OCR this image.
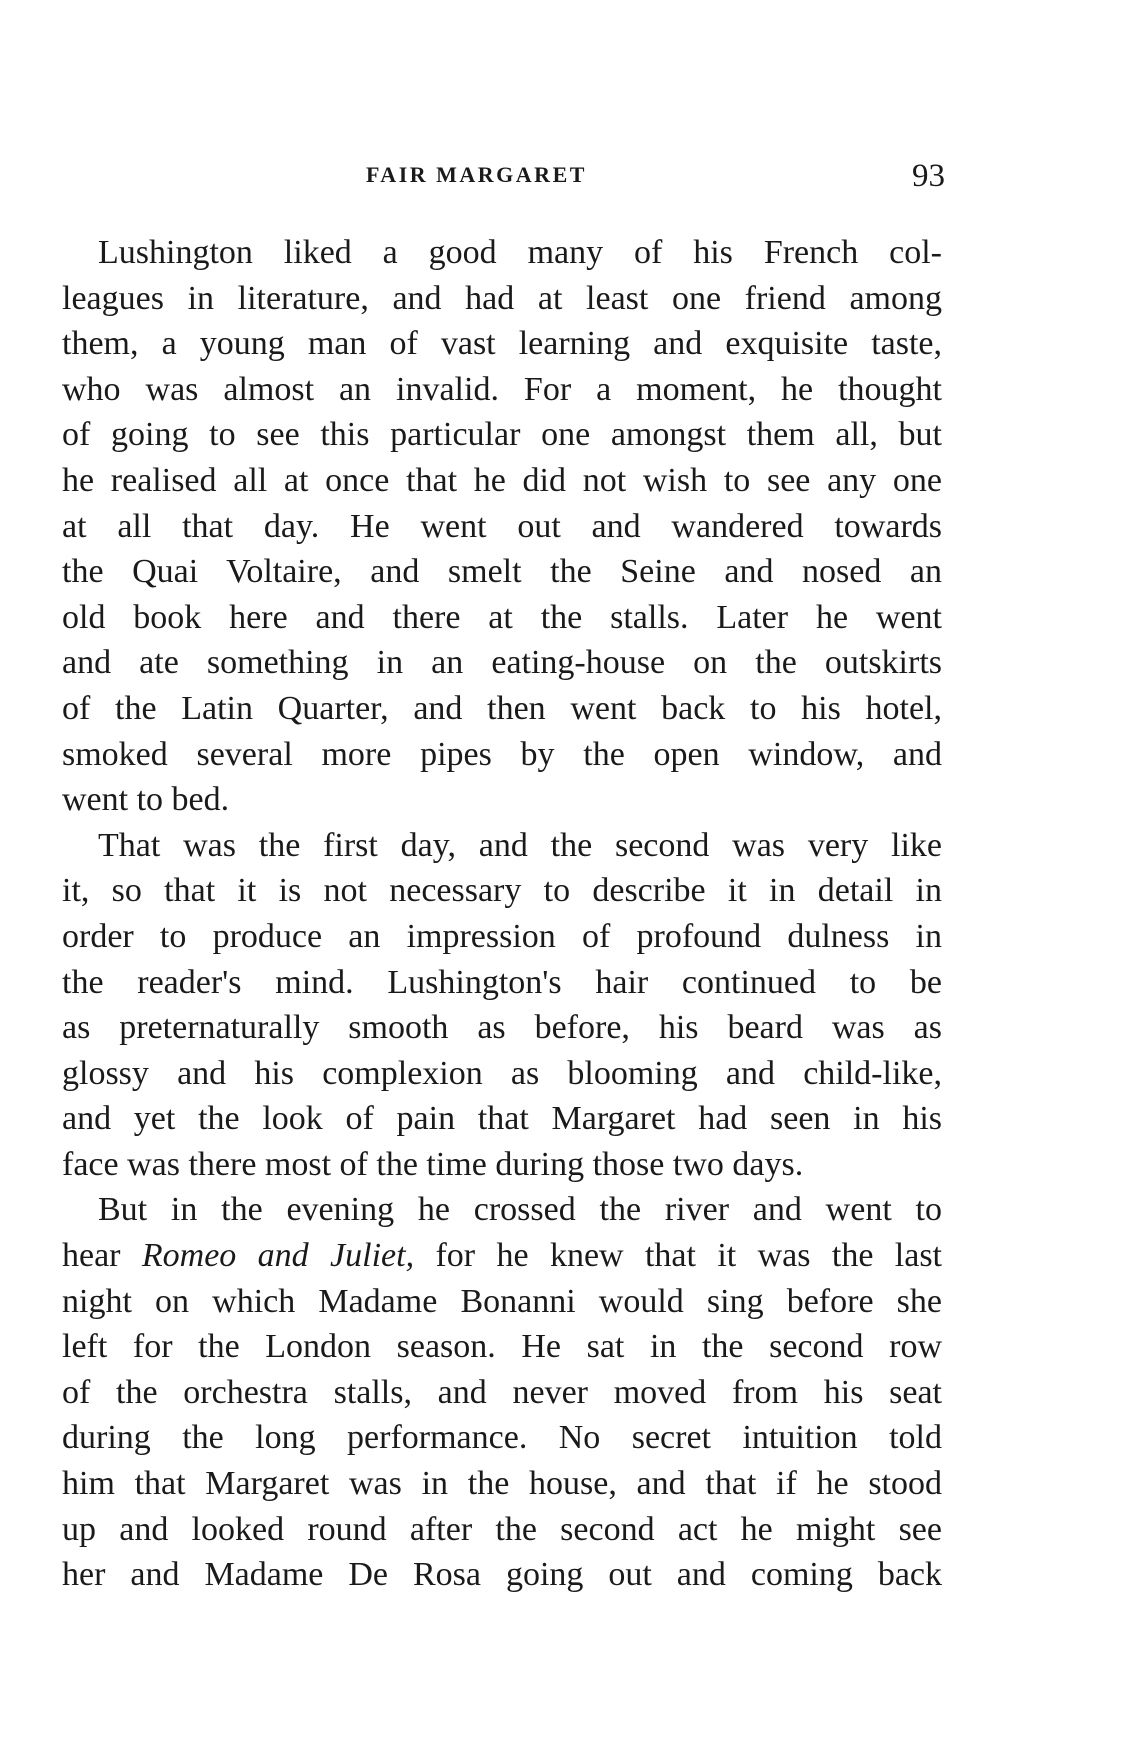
FAIR MARGARET	93
Lushington liked a good many of his French col-
leagues in literature, and had at least one friend among
them, a young man of vast learning and exquisite taste,
who was almost an invalid. For a moment, he thought
of going to see this particular one amongst them all, but
he realised all at once that he did not wish to see any one
at all that day. He went out and wandered towards
the Quai Voltaire, and smelt the Seine and nosed an
old book here and there at the stalls. Later he went
and ate something in an eating-house on the outskirts
of the Latin Quarter, and then went back to his hotel,
smoked several more pipes by the open window, and
went to bed.
That was the first day, and the second was very like
it, so that it is not necessary to describe it in detail in
order to produce an impression of profound dulness in
the reader's mind. Lushington's hair continued to be
as preternaturally smooth as before, his beard was as
glossy and his complexion as blooming and child-like,
and yet the look of pain that Margaret had seen in his
face was there most of the time during those two days.
But in the evening he crossed the river and went to
hear Romeo and Juliet, for he knew that it was the last
night on which Madame Bonanni would sing before she
left for the London season. He sat in the second row
of the orchestra stalls, and never moved from his seat
during the long performance. No secret intuition told
him that Margaret was in the house, and that if he stood
up and looked round after the second act he might see
her and Madame De Rosa going out and coming back
